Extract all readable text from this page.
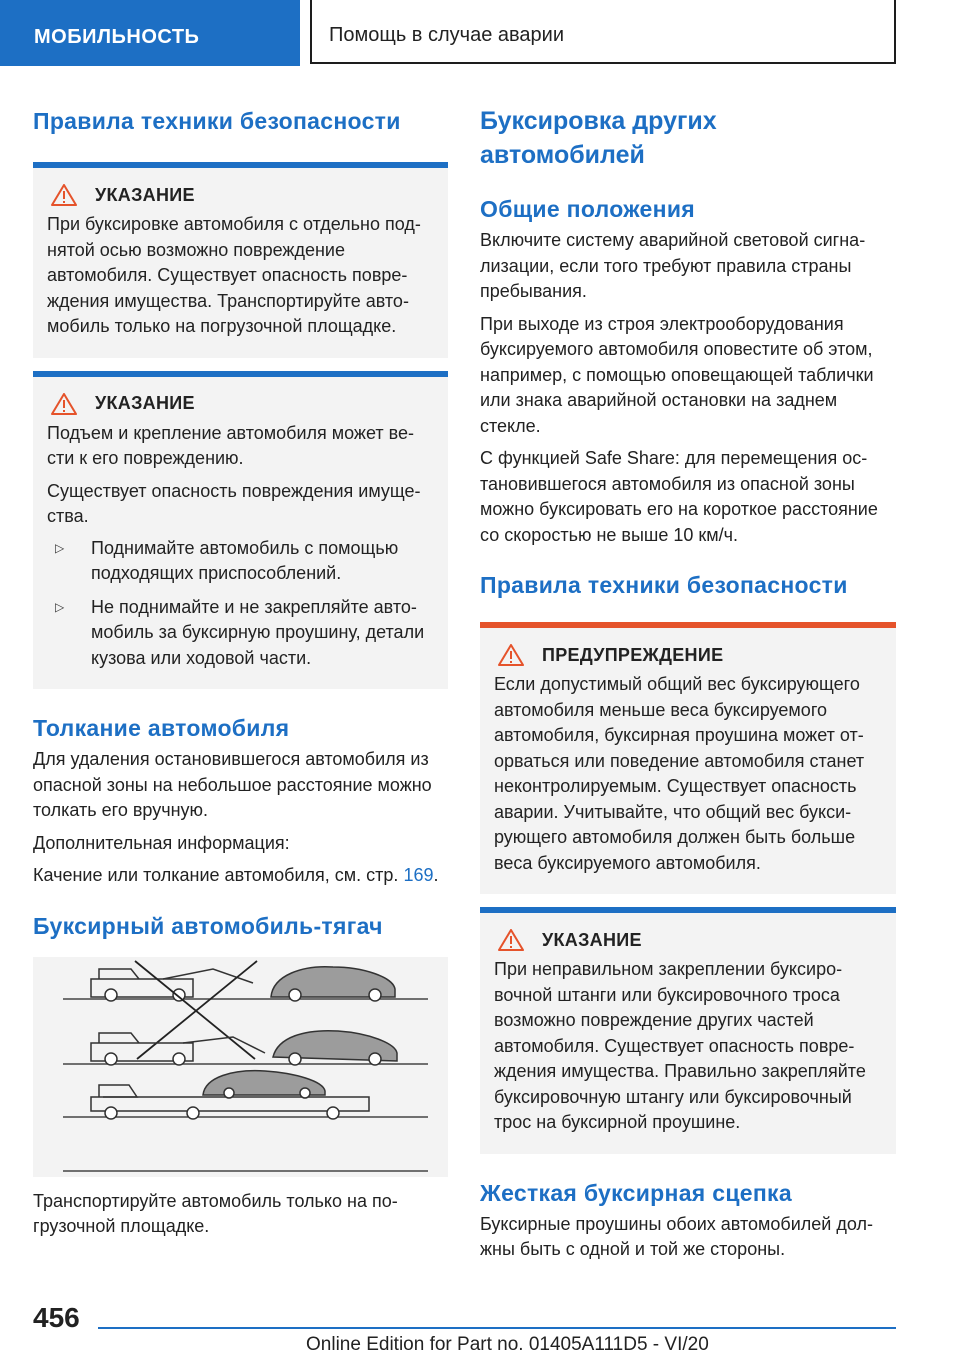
МОБИЛЬНОСТЬ	Помощь в случае аварии
Правила техники безопасности
УКАЗАНИЕ

При буксировке автомобиля с отдельно поднятой осью возможно повреждение автомобиля. Существует опасность повреждения имущества. Транспортируйте автомобиль только на погрузочной площадке.

УКАЗАНИЕ

Подъем и крепление автомобиля может вести к его повреждению.

Существует опасность повреждения имущества.

▷	Поднимайте автомобиль с помощью подходящих приспособлений.
▷	Не поднимайте и не закрепляйте автомобиль за буксирную проушину, детали кузова или ходовой части.
Толкание автомобиля

Для удаления остановившегося автомобиля из опасной зоны на небольшое расстояние можно толкать его вручную.

Дополнительная информация:

Качение или толкание автомобиля, см. стр. 169.

Буксирный автомобиль-тягач

Транспортируйте автомобиль только на погрузочной площадке.

Буксировка других автомобилей
Общие положения

Включите систему аварийной световой сигнализации, если того требуют правила страны пребывания.

При выходе из строя электрооборудования буксируемого автомобиля оповестите об этом, например, с помощью оповещающей таблички или знака аварийной остановки на заднем стекле.

С функцией Safe Share: для перемещения остановившегося автомобиля из опасной зоны можно буксировать его на короткое расстояние со скоростью не выше 10 км/ч.

Правила техники безопасности
ПРЕДУПРЕЖДЕНИЕ

Если допустимый общий вес буксирующего автомобиля меньше веса буксируемого автомобиля, буксирная проушина может оторваться или поведение автомобиля станет неконтролируемым. Существует опасность аварии. Учитывайте, что общий вес буксирующего автомобиля должен быть больше веса буксируемого автомобиля.

УКАЗАНИЕ

При неправильном закреплении буксировочной штанги или буксировочного троса возможно повреждение других частей автомобиля. Существует опасность повреждения имущества. Правильно закрепляйте буксировочную штангу или буксировочный трос на буксирной проушине.

Жесткая буксирная сцепка

Буксирные проушины обоих автомобилей должны быть с одной и той же стороны.

456
Online Edition for Part no. 01405A111D5 - VI/20
